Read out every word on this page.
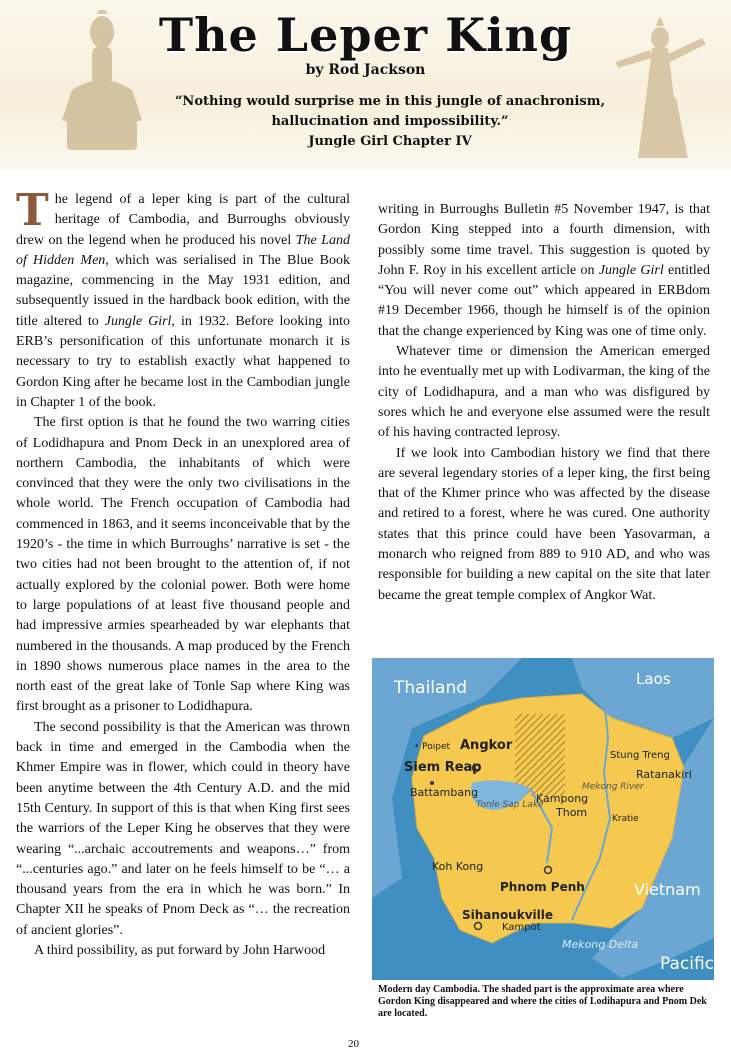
The Leper King
by Rod Jackson
“Nothing would surprise me in this jungle of anachronism, hallucination and impossibility.”
Jungle Girl Chapter IV

The legend of a leper king is part of the cultural heritage of Cambodia, and Burroughs obviously drew on the legend when he produced his novel The Land of Hidden Men, which was serialised in The Blue Book magazine, commencing in the May 1931 edition, and subsequently issued in the hardback book edition, with the title altered to Jungle Girl, in 1932. Before looking into ERB’s personification of this unfortunate monarch it is necessary to try to establish exactly what happened to Gordon King after he became lost in the Cambodian jungle in Chapter 1 of the book.

The first option is that he found the two warring cities of Lodidhapura and Pnom Deck in an unexplored area of northern Cambodia, the inhabitants of which were convinced that they were the only two civilisations in the whole world. The French occupation of Cambodia had commenced in 1863, and it seems inconceivable that by the 1920’s - the time in which Burroughs’ narrative is set - the two cities had not been brought to the attention of, if not actually explored by the colonial power. Both were home to large populations of at least five thousand people and had impressive armies spearheaded by war elephants that numbered in the thousands. A map produced by the French in 1890 shows numerous place names in the area to the north east of the great lake of Tonle Sap where King was first brought as a prisoner to Lodidhapura.

The second possibility is that the American was thrown back in time and emerged in the Cambodia when the Khmer Empire was in flower, which could in theory have been anytime between the 4th Century A.D. and the mid 15th Century. In support of this is that when King first sees the warriors of the Leper King he observes that they were wearing “...archaic accoutrements and weapons…” from “...centuries ago.” and later on he feels himself to be “… a thousand years from the era in which he was born.” In Chapter XII he speaks of Pnom Deck as “… the recreation of ancient glories”.

A third possibility, as put forward by John Harwood

writing in Burroughs Bulletin #5 November 1947, is that Gordon King stepped into a fourth dimension, with possibly some time travel. This suggestion is quoted by John F. Roy in his excellent article on Jungle Girl entitled “You will never come out” which appeared in ERBdom #19 December 1966, though he himself is of the opinion that the change experienced by King was one of time only.

Whatever time or dimension the American emerged into he eventually met up with Lodivarman, the king of the city of Lodidhapura, and a man who was disfigured by sores which he and everyone else assumed were the result of his having contracted leprosy.

If we look into Cambodian history we find that there are several legendary stories of a leper king, the first being that of the Khmer prince who was affected by the disease and retired to a forest, where he was cured. One authority states that this prince could have been Yasovarman, a monarch who reigned from 889 to 910 AD, and who was responsible for building a new capital on the site that later became the great temple complex of Angkor Wat.

Thailand	Laos
Vietnam
Pacific
Mekong Delta
• Poipet Angkor
Siem Reap
Battambang
Stung Treng
Ratanakiri
Mekong River
Kampong
Thom
Tonle Sap Lake
Kratie
Koh Kong
Phnom Penh
Sihanoukville
Kampot
Modern day Cambodia. The shaded part is the approximate area where Gordon King disappeared and where the cities of Lodihapura and Pnom Dek are located.
20
